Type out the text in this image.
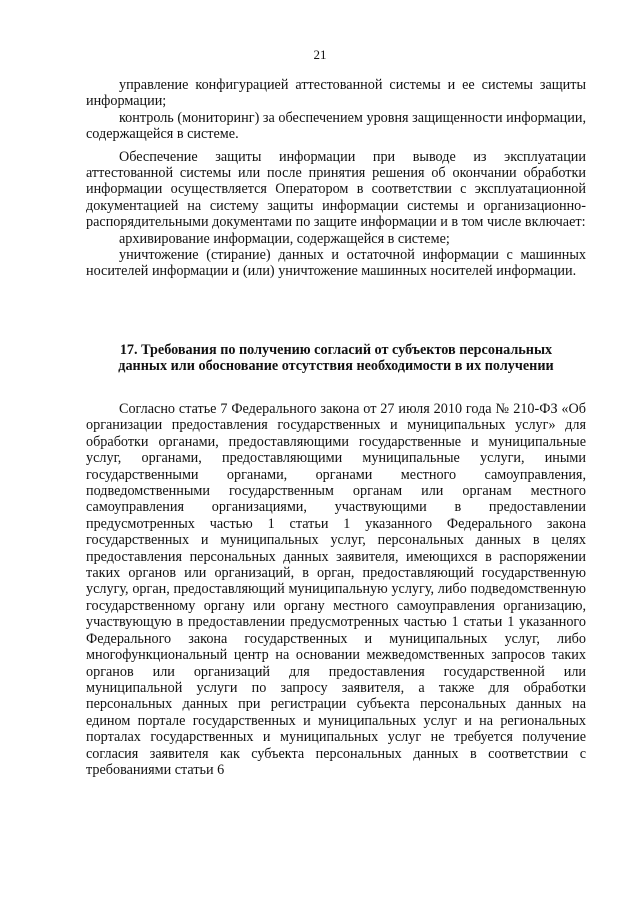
21

управление конфигурацией аттестованной системы и ее системы защиты информации;

контроль (мониторинг) за обеспечением уровня защищенности информации, содержащейся в системе.

Обеспечение защиты информации при выводе из эксплуатации аттестованной системы или после принятия решения об окончании обработки информации осуществляется Оператором в соответствии с эксплуатационной документацией на систему защиты информации системы и организационно-распорядительными документами по защите информации и в том числе включает:

архивирование информации, содержащейся в системе;

уничтожение (стирание) данных и остаточной информации с машинных носителей информации и (или) уничтожение машинных носителей информации.

17. Требования по получению согласий от субъектов персональных данных или обоснование отсутствия необходимости в их получении

Согласно статье 7 Федерального закона от 27 июля 2010 года № 210-ФЗ «Об организации предоставления государственных и муниципальных услуг» для обработки органами, предоставляющими государственные и муниципальные услуг, органами, предоставляющими муниципальные услуги, иными государственными органами, органами местного самоуправления, подведомственными государственным органам или органам местного самоуправления организациями, участвующими в предоставлении предусмотренных частью 1 статьи 1 указанного Федерального закона государственных и муниципальных услуг, персональных данных в целях предоставления персональных данных заявителя, имеющихся в распоряжении таких органов или организаций, в орган, предоставляющий государственную услугу, орган, предоставляющий муниципальную услугу, либо подведомственную государственному органу или органу местного самоуправления организацию, участвующую в предоставлении предусмотренных частью 1 статьи 1 указанного Федерального закона государственных и муниципальных услуг, либо многофункциональный центр на основании межведомственных запросов таких органов или организаций для предоставления государственной или муниципальной услуги по запросу заявителя, а также для обработки персональных данных при регистрации субъекта персональных данных на едином портале государственных и муниципальных услуг и на региональных порталах государственных и муниципальных услуг не требуется получение согласия заявителя как субъекта персональных данных в соответствии с требованиями статьи 6
